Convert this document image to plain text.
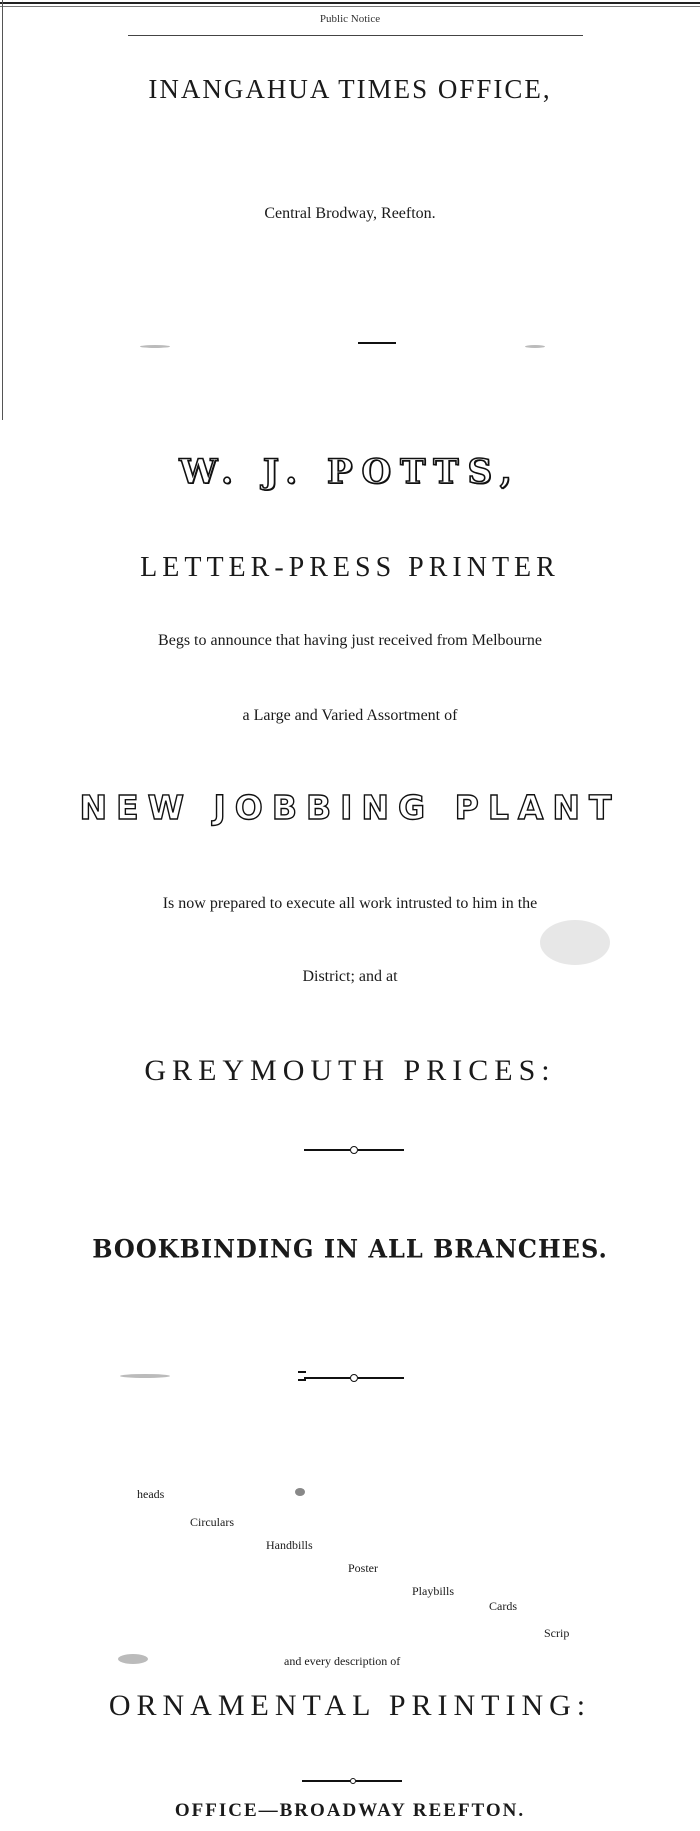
Public Notice
INANGAHUA TIMES OFFICE,
Central Brodway, Reefton.
W. J. POTTS,
LETTER-PRESS PRINTER
Begs to announce that having just received from Melbourne
a Large and Varied Assortment of
NEW JOBBING PLANT
Is now prepared to execute all work intrusted to him in the
District; and at
GREYMOUTH PRICES:
BOOKBINDING IN ALL BRANCHES.
heads
Circulars
Handbills
Poster
Playbills
Cards
Scrip
and every description of
ORNAMENTAL PRINTING:
OFFICE—BROADWAY REEFTON.
